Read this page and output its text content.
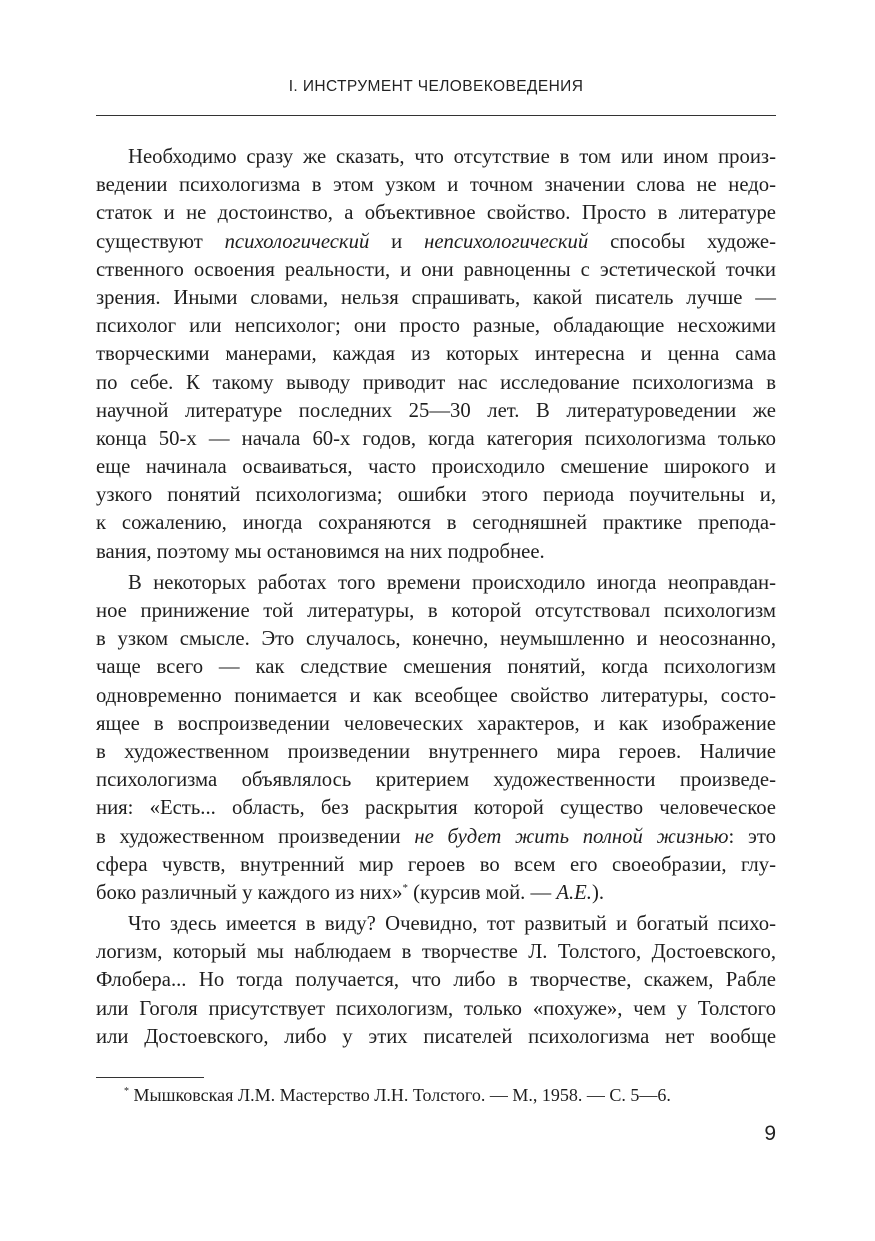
I. ИНСТРУМЕНТ ЧЕЛОВЕКОВЕДЕНИЯ
Необходимо сразу же сказать, что отсутствие в том или ином произ-
ведении психологизма в этом узком и точном значении слова не недо-
статок и не достоинство, а объективное свойство. Просто в литературе
существуют психологический и непсихологический способы художе-
ственного освоения реальности, и они равноценны с эстетической точки
зрения. Иными словами, нельзя спрашивать, какой писатель лучше —
психолог или непсихолог; они просто разные, обладающие несхожими
творческими манерами, каждая из которых интересна и ценна сама
по себе. К такому выводу приводит нас исследование психологизма в
научной литературе последних 25—30 лет. В литературоведении же
конца 50-х — начала 60-х годов, когда категория психологизма только
еще начинала осваиваться, часто происходило смешение широкого и
узкого понятий психологизма; ошибки этого периода поучительны и,
к сожалению, иногда сохраняются в сегодняшней практике препода-
вания, поэтому мы остановимся на них подробнее.
В некоторых работах того времени происходило иногда неоправдан-
ное принижение той литературы, в которой отсутствовал психологизм
в узком смысле. Это случалось, конечно, неумышленно и неосознанно,
чаще всего — как следствие смешения понятий, когда психологизм
одновременно понимается и как всеобщее свойство литературы, состо-
ящее в воспроизведении человеческих характеров, и как изображение
в художественном произведении внутреннего мира героев. Наличие
психологизма объявлялось критерием художественности произведе-
ния: «Есть... область, без раскрытия которой существо человеческое
в художественном произведении не будет жить полной жизнью: это
сфера чувств, внутренний мир героев во всем его своеобразии, глу-
боко различный у каждого из них»* (курсив мой. — А.Е.).
Что здесь имеется в виду? Очевидно, тот развитый и богатый психо-
логизм, который мы наблюдаем в творчестве Л. Толстого, Достоевского,
Флобера... Но тогда получается, что либо в творчестве, скажем, Рабле
или Гоголя присутствует психологизм, только «похуже», чем у Толстого
или Достоевского, либо у этих писателей психологизма нет вообще
* Мышковская Л.М. Мастерство Л.Н. Толстого. — М., 1958. — С. 5—6.
9
